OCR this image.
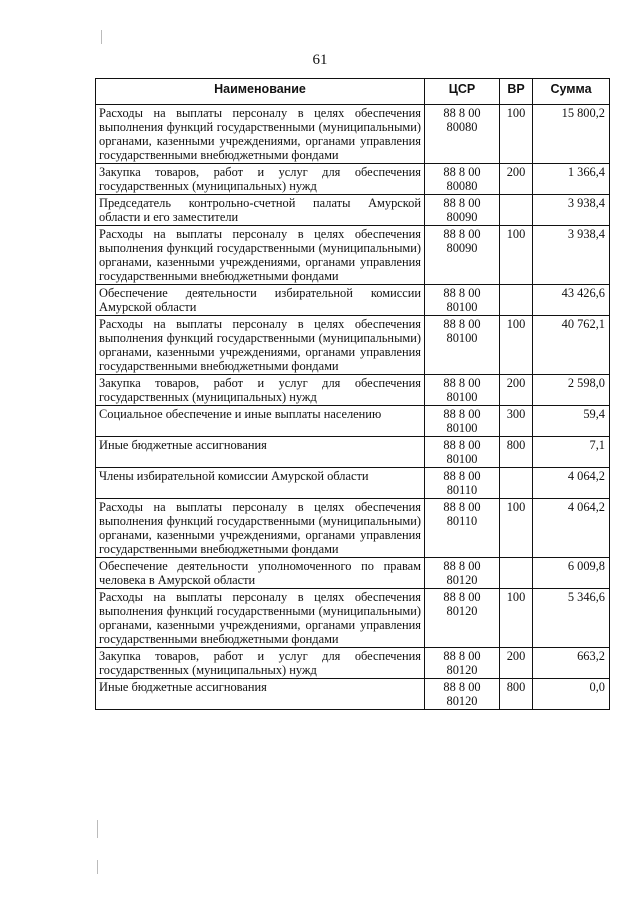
61
Наименование	ЦСР	ВР	Сумма
Расходы на выплаты персоналу в целях обеспечения выполнения функций государственными (муниципальными) органами, казенными учреждениями, органами управления государственными внебюджетными фондами	88 8 00
80080	100	15 800,2
Закупка товаров, работ и услуг для обеспечения государственных (муниципальных) нужд	88 8 00
80080	200	1 366,4
Председатель контрольно-счетной палаты Амурской области и его заместители	88 8 00
80090		3 938,4
Расходы на выплаты персоналу в целях обеспечения выполнения функций государственными (муниципальными) органами, казенными учреждениями, органами управления государственными внебюджетными фондами	88 8 00
80090	100	3 938,4
Обеспечение деятельности избирательной комиссии Амурской области	88 8 00
80100		43 426,6
Расходы на выплаты персоналу в целях обеспечения выполнения функций государственными (муниципальными) органами, казенными учреждениями, органами управления государственными внебюджетными фондами	88 8 00
80100	100	40 762,1
Закупка товаров, работ и услуг для обеспечения государственных (муниципальных) нужд	88 8 00
80100	200	2 598,0
Социальное обеспечение и иные выплаты населению	88 8 00
80100	300	59,4
Иные бюджетные ассигнования	88 8 00
80100	800	7,1
Члены избирательной комиссии Амурской области	88 8 00
80110		4 064,2
Расходы на выплаты персоналу в целях обеспечения выполнения функций государственными (муниципальными) органами, казенными учреждениями, органами управления государственными внебюджетными фондами	88 8 00
80110	100	4 064,2
Обеспечение деятельности уполномоченного по правам человека в Амурской области	88 8 00
80120		6 009,8
Расходы на выплаты персоналу в целях обеспечения выполнения функций государственными (муниципальными) органами, казенными учреждениями, органами управления государственными внебюджетными фондами	88 8 00
80120	100	5 346,6
Закупка товаров, работ и услуг для обеспечения государственных (муниципальных) нужд	88 8 00
80120	200	663,2
Иные бюджетные ассигнования	88 8 00
80120	800	0,0
